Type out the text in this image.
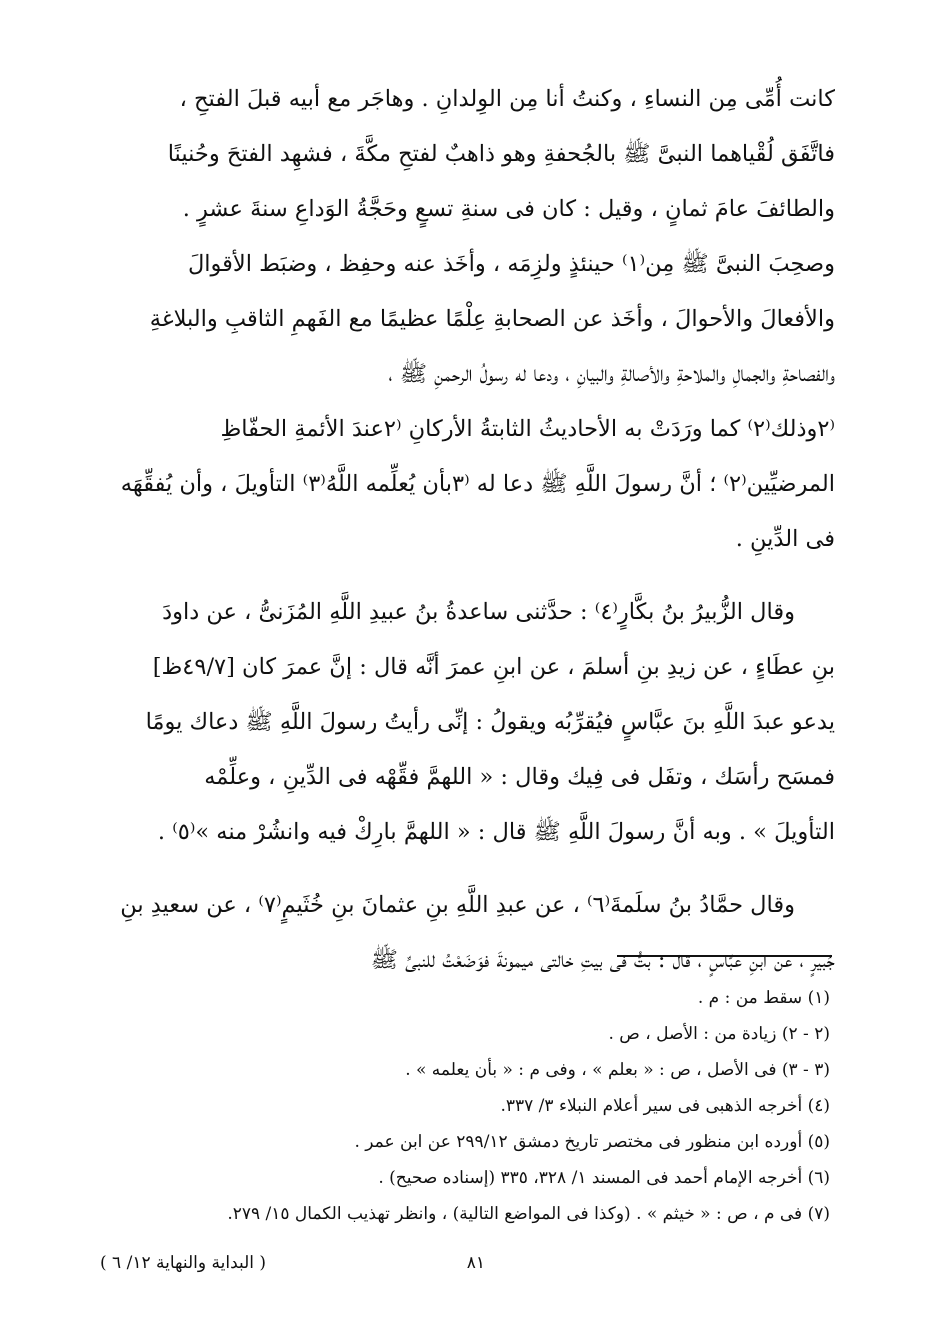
كانت أُمِّى مِن النساءِ ، وكنتُ أنا مِن الوِلدانِ . وهاجَر مع أبيه قبلَ الفتحِ ،
فاتَّفَق لُقْياهما النبىَّ ﷺ بالجُحفةِ وهو ذاهبٌ لفتحِ مكَّةَ ، فشهِد الفتحَ وحُنينًا
والطائفَ عامَ ثمانٍ ، وقيل : كان فى سنةِ تسعٍ وحَجَّةُ الوَداعِ سنةَ عشرٍ .
وصحِبَ النبىَّ ﷺ مِن⁽١⁾ حينئذٍ ولزِمَه ، وأخَذ عنه وحفِظ ، وضبَط الأقوالَ
والأفعالَ والأحوالَ ، وأخَذ عن الصحابةِ عِلْمًا عظيمًا مع الفَهمِ الثاقبِ والبلاغةِ
والفصاحةِ والجمالِ والملاحةِ والأصالةِ والبيانِ ، ودعا له رسولُ الرحمنِ ﷺ ،
⁽٢وذلك⁽٢⁾ كما ورَدَتْ به الأحاديثُ الثابتةُ الأركانِ ⁽٢عندَ الأئمةِ الحفّاظِ
المرضيِّين⁽٢⁾ ؛ أنَّ رسولَ اللَّهِ ﷺ دعا له ⁽٣بأن يُعلِّمه اللَّهُ⁽٣⁾ التأويلَ ، وأن يُفقِّهَه
فى الدِّينِ .
وقال الزُّبيرُ بنُ بكَّارٍ⁽٤⁾ : حدَّثنى ساعدةُ بنُ عبيدِ اللَّهِ المُزَنىُّ ، عن داودَ
بنِ عطَاءٍ ، عن زيدِ بنِ أسلمَ ، عن ابنِ عمرَ أنَّه قال : إنَّ عمرَ كان [٤٩/٧ظ]
يدعو عبدَ اللَّهِ بنَ عبَّاسٍ فيُقرِّبُه ويقولُ : إنِّى رأيتُ رسولَ اللَّهِ ﷺ دعاك يومًا
فمسَح رأسَك ، وتفَل فى فِيك وقال : « اللهمَّ فقِّهْه فى الدِّينِ ، وعلِّمْه
التأويلَ » . وبه أنَّ رسولَ اللَّهِ ﷺ قال : « اللهمَّ بارِكْ فيه وانشُرْ منه »⁽٥⁾ .
وقال حمَّادُ بنُ سلَمةَ⁽٦⁾ ، عن عبدِ اللَّهِ بنِ عثمانَ بنِ خُثَيمٍ⁽٧⁾ ، عن سعيدِ بنِ
جُبيرٍ ، عن ابنِ عبَّاسٍ ، قال : بتُّ فى بيتِ خالتى ميمونةَ فوَضَعْتُ للنبىِّ ﷺ
(١) سقط من : م .
(٢ - ٢) زيادة من : الأصل ، ص .
(٣ - ٣) فى الأصل ، ص : « بعلم » ، وفى م : « بأن يعلمه » .
(٤) أخرجه الذهبى فى سير أعلام النبلاء ٣/ ٣٣٧.
(٥) أورده ابن منظور فى مختصر تاريخ دمشق ٢٩٩/١٢ عن ابن عمر .
(٦) أخرجه الإمام أحمد فى المسند ١/ ٣٢٨، ٣٣٥ (إسناده صحيح) .
(٧) فى م ، ص : « خيثم » . (وكذا فى المواضع التالية) ، وانظر تهذيب الكمال ١٥/ ٢٧٩.
٨١
( البداية والنهاية ١٢/ ٦ )
